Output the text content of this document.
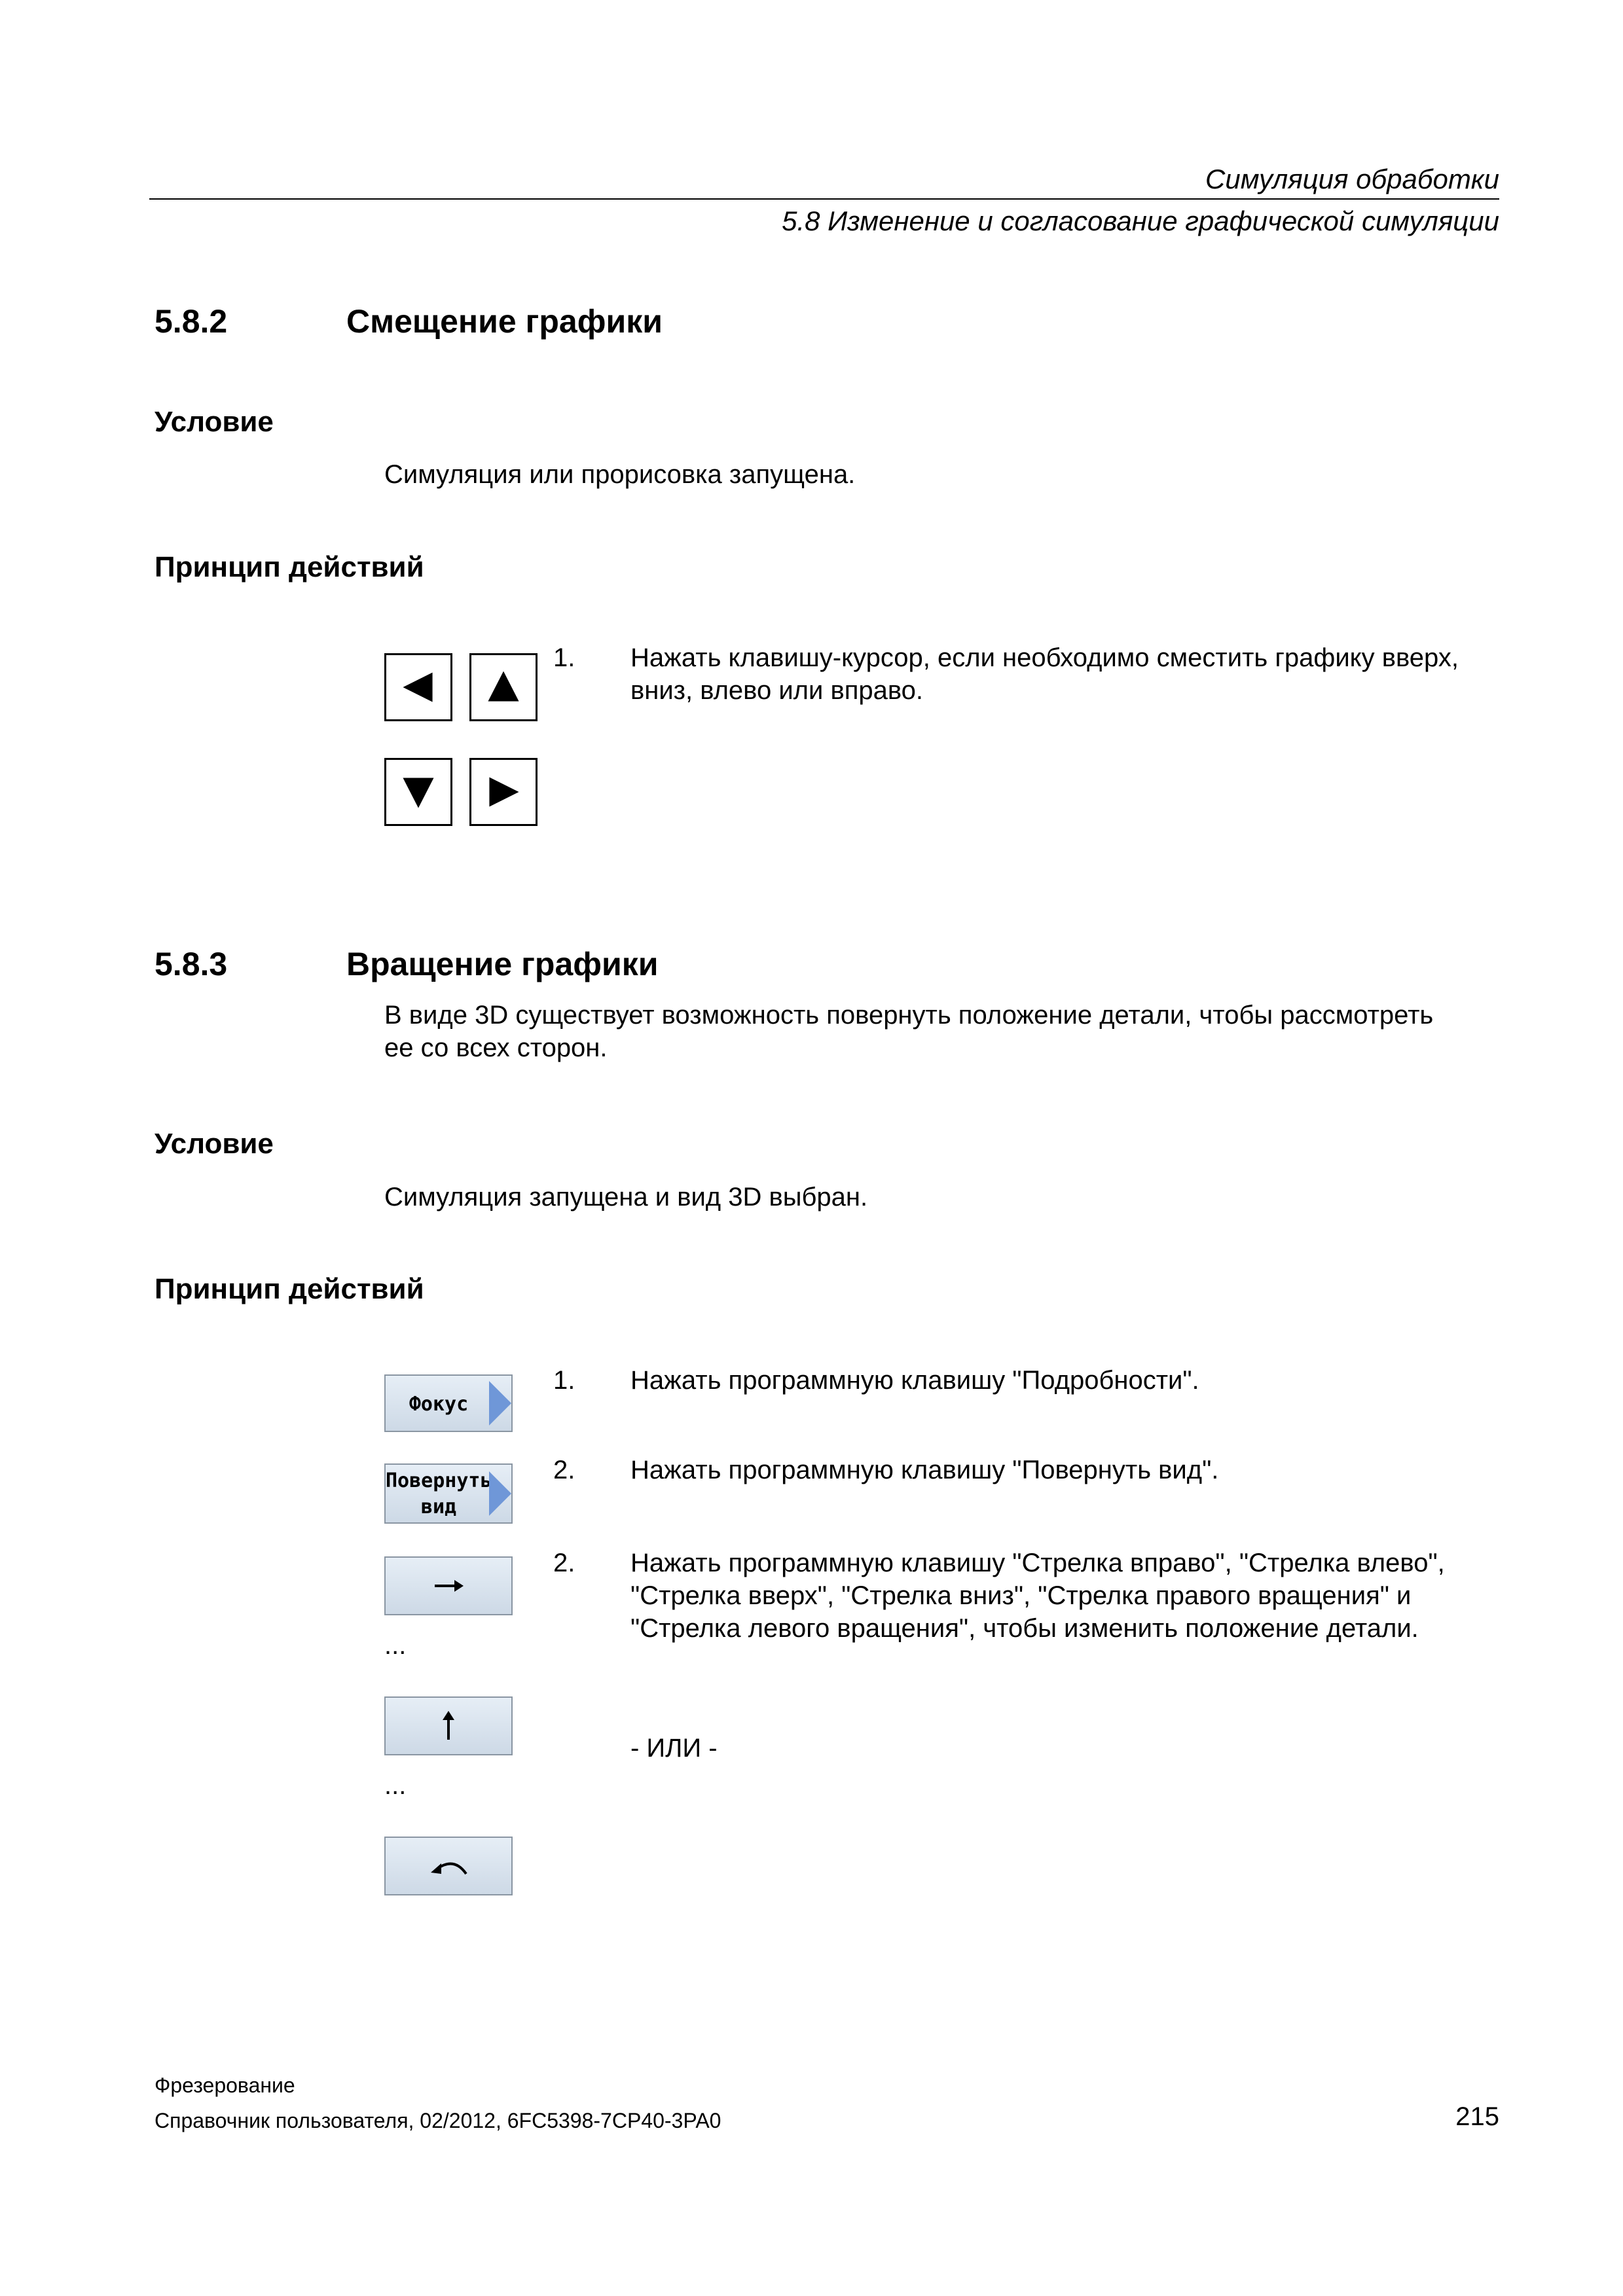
Симуляция обработки
5.8 Изменение и согласование графической симуляции
5.8.2	Смещение графики
Условие
Симуляция или прорисовка запущена.
Принцип действий
1. Нажать клавишу-курсор, если необходимо сместить графику вверх,
вниз, влево или вправо.
5.8.3	Вращение графики
В виде 3D существует возможность повернуть положение детали, чтобы рассмотреть
ее со всех сторон.
Условие
Симуляция запущена и вид 3D выбран.
Принцип действий
Фокус
Повернуть
вид
...
...
1. Нажать программную клавишу "Подробности".
2. Нажать программную клавишу "Повернуть вид".
2. Нажать программную клавишу "Стрелка вправо", "Стрелка влево",
"Стрелка вверх", "Стрелка вниз", "Стрелка правого вращения" и
"Стрелка левого вращения", чтобы изменить положение детали.
- ИЛИ -
Фрезерование
Справочник пользователя, 02/2012, 6FC5398-7CP40-3PA0	215
